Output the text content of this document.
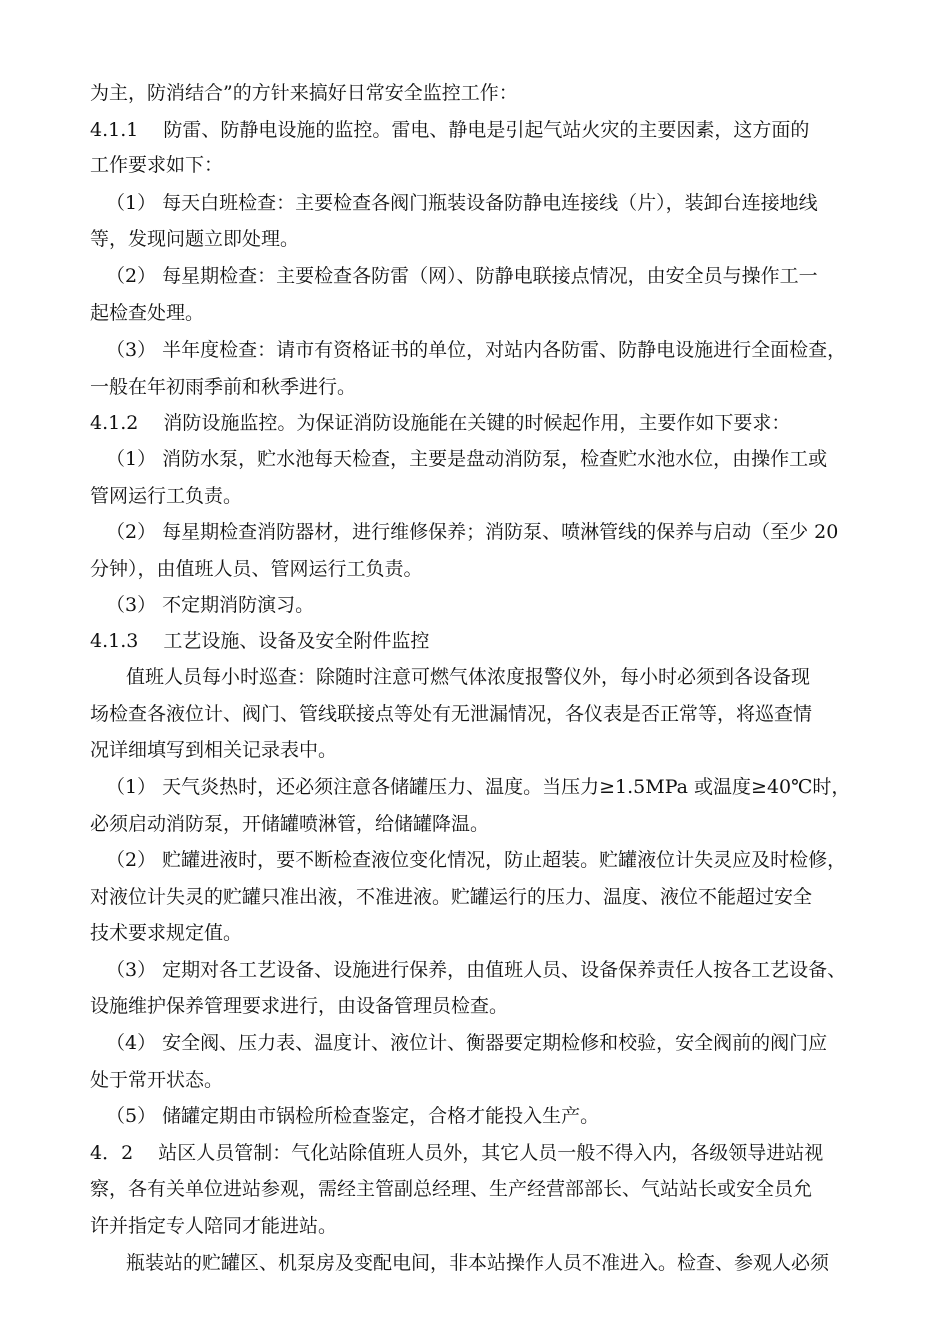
为主，防消结合”的方针来搞好日常安全监控工作：
4.1.1　 防雷、防静电设施的监控。雷电、静电是引起气站火灾的主要因素，这方面的
工作要求如下：
（1） 每天白班检查：主要检查各阀门瓶装设备防静电连接线（片），装卸台连接地线
等，发现问题立即处理。
（2） 每星期检查：主要检查各防雷（网）、防静电联接点情况，由安全员与操作工一
起检查处理。
（3） 半年度检查：请市有资格证书的单位，对站内各防雷、防静电设施进行全面检查，
一般在年初雨季前和秋季进行。
4.1.2　 消防设施监控。为保证消防设施能在关键的时候起作用，主要作如下要求：
（1） 消防水泵，贮水池每天检查，主要是盘动消防泵，检查贮水池水位，由操作工或
管网运行工负责。
（2） 每星期检查消防器材，进行维修保养；消防泵、喷淋管线的保养与启动（至少 20
分钟），由值班人员、管网运行工负责。
（3） 不定期消防演习。
4.1.3　 工艺设施、设备及安全附件监控
值班人员每小时巡查：除随时注意可燃气体浓度报警仪外，每小时必须到各设备现
场检查各液位计、阀门、管线联接点等处有无泄漏情况，各仪表是否正常等，将巡查情
况详细填写到相关记录表中。
（1） 天气炎热时，还必须注意各储罐压力、温度。当压力≥1.5MPa 或温度≥40℃时，
必须启动消防泵，开储罐喷淋管，给储罐降温。
（2） 贮罐进液时，要不断检查液位变化情况，防止超装。贮罐液位计失灵应及时检修，
对液位计失灵的贮罐只准出液，不准进液。贮罐运行的压力、温度、液位不能超过安全
技术要求规定值。
（3） 定期对各工艺设备、设施进行保养，由值班人员、设备保养责任人按各工艺设备、
设施维护保养管理要求进行，由设备管理员检查。
（4） 安全阀、压力表、温度计、液位计、衡器要定期检修和校验，安全阀前的阀门应
处于常开状态。
（5） 储罐定期由市锅检所检查鉴定，合格才能投入生产。
4．2　 站区人员管制：气化站除值班人员外，其它人员一般不得入内，各级领导进站视
察，各有关单位进站参观，需经主管副总经理、生产经营部部长、气站站长或安全员允
许并指定专人陪同才能进站。
瓶装站的贮罐区、机泵房及变配电间，非本站操作人员不准进入。检查、参观人必须
